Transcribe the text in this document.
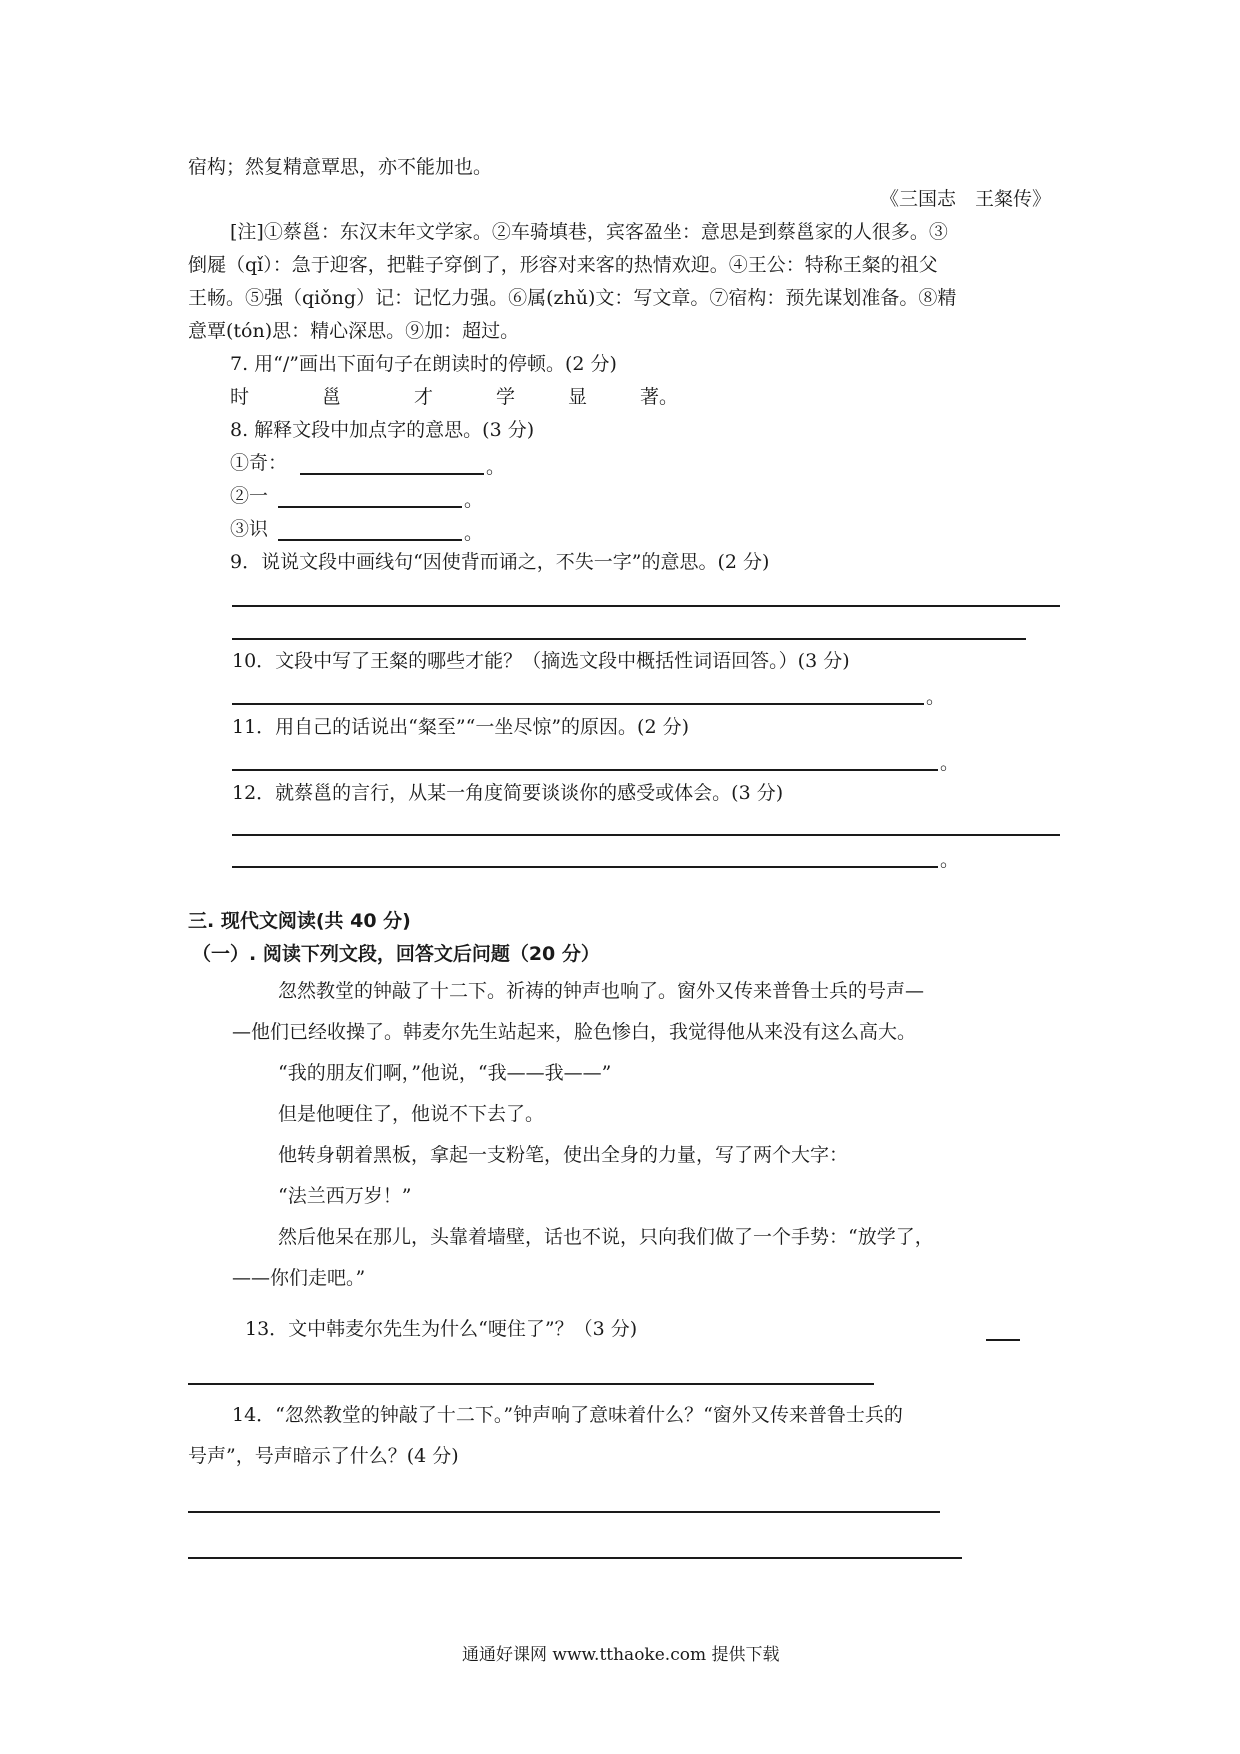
宿构；然复精意覃思，亦不能加也。
《三国志　王粲传》
[注]①蔡邕：东汉末年文学家。②车骑填巷，宾客盈坐：意思是到蔡邕家的人很多。③
倒屣（qǐ）：急于迎客，把鞋子穿倒了，形容对来客的热情欢迎。④王公：特称王粲的祖父
王畅。⑤强（qiǒng）记：记忆力强。⑥属(zhǔ)文：写文章。⑦宿构：预先谋划准备。⑧精
意覃(tón)思：精心深思。⑨加：超过。
7. 用“/”画出下面句子在朗读时的停顿。(2 分)
时	邕	才	学	显	著。
8. 解释文段中加点字的意思。(3 分)
①奇：	。
②一	。
③识	。
9．说说文段中画线句“因使背而诵之，不失一字”的意思。(2 分)
10．文段中写了王粲的哪些才能？（摘选文段中概括性词语回答。）(3 分)
。
11．用自己的话说出“粲至”“一坐尽惊”的原因。(2 分)
。
12．就蔡邕的言行，从某一角度简要谈谈你的感受或体会。(3 分)
。
三. 现代文阅读(共 40 分)
（一）. 阅读下列文段，回答文后问题（20 分）
忽然教堂的钟敲了十二下。祈祷的钟声也响了。窗外又传来普鲁士兵的号声—
—他们已经收操了。韩麦尔先生站起来，脸色惨白，我觉得他从来没有这么高大。
“我的朋友们啊，”他说，“我——我——”
但是他哽住了，他说不下去了。
他转身朝着黑板，拿起一支粉笔，使出全身的力量，写了两个大字：
“法兰西万岁！”
然后他呆在那儿，头靠着墙壁，话也不说，只向我们做了一个手势：“放学了，
——你们走吧。”
13．文中韩麦尔先生为什么“哽住了”？（3 分)
14．“忽然教堂的钟敲了十二下。”钟声响了意味着什么？“窗外又传来普鲁士兵的
号声”，号声暗示了什么？(4 分)
通通好课网 www.tthaoke.com 提供下载
